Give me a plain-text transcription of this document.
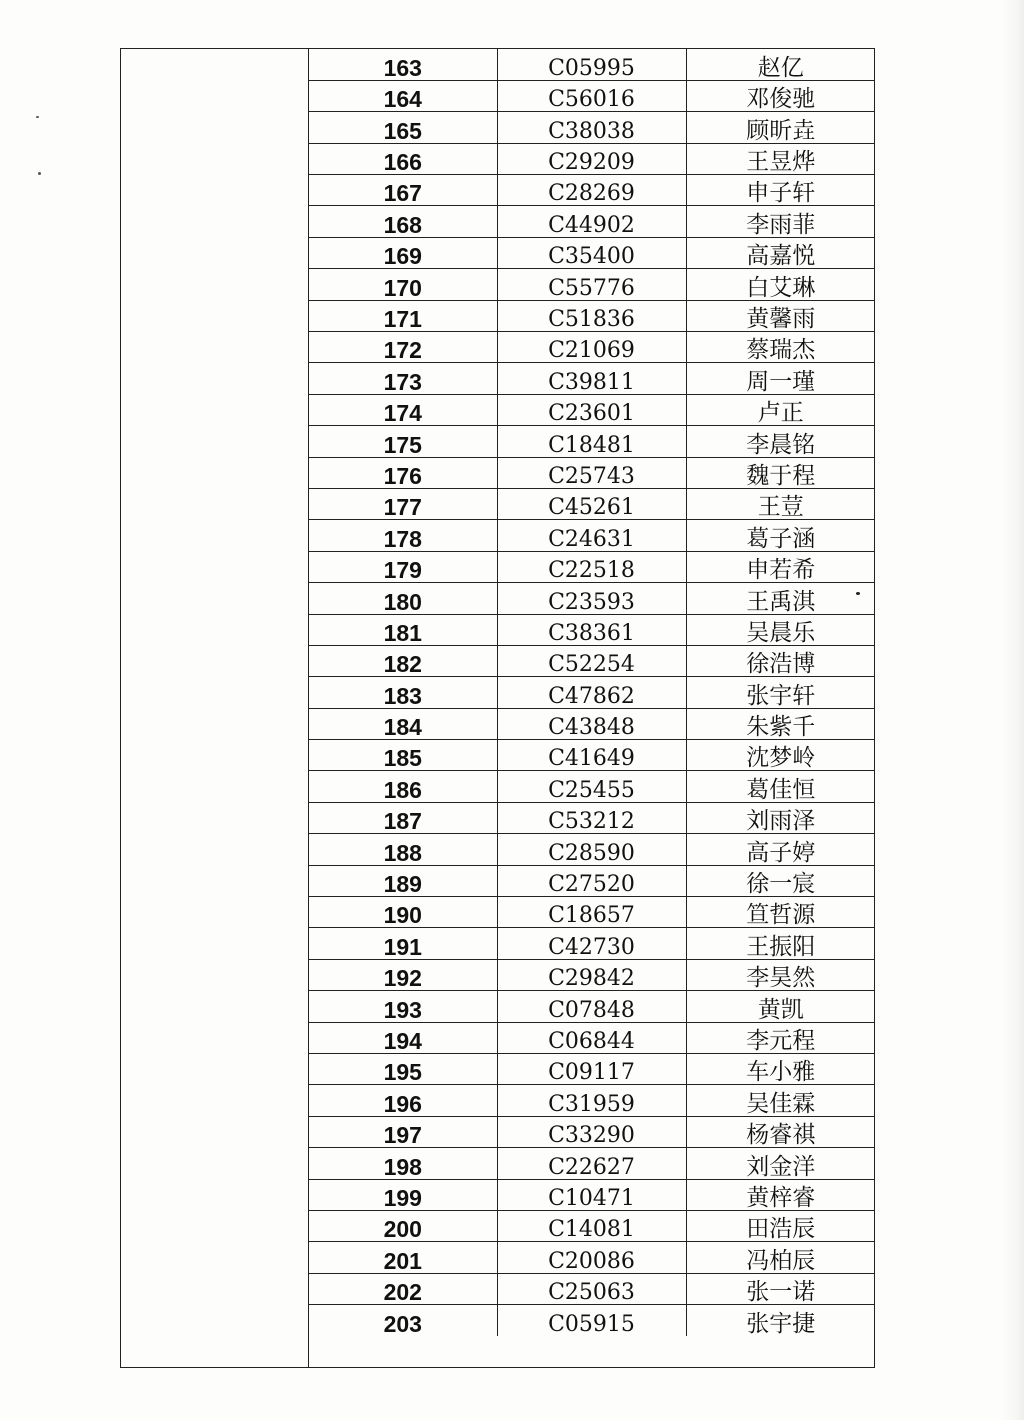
163	C05995	赵亿
164	C56016	邓俊驰
165	C38038	顾昕垚
166	C29209	王昱烨
167	C28269	申子轩
168	C44902	李雨菲
169	C35400	高嘉悦
170	C55776	白艾琳
171	C51836	黄馨雨
172	C21069	蔡瑞杰
173	C39811	周一瑾
174	C23601	卢正
175	C18481	李晨铭
176	C25743	魏于程
177	C45261	王荳
178	C24631	葛子涵
179	C22518	申若希
180	C23593	王禹淇
181	C38361	吴晨乐
182	C52254	徐浩博
183	C47862	张宇轩
184	C43848	朱紫千
185	C41649	沈梦岭
186	C25455	葛佳恒
187	C53212	刘雨泽
188	C28590	高子婷
189	C27520	徐一宸
190	C18657	笪哲源
191	C42730	王振阳
192	C29842	李昊然
193	C07848	黄凯
194	C06844	李元程
195	C09117	车小雅
196	C31959	吴佳霖
197	C33290	杨睿祺
198	C22627	刘金洋
199	C10471	黄梓睿
200	C14081	田浩辰
201	C20086	冯柏辰
202	C25063	张一诺
203	C05915	张宇捷
